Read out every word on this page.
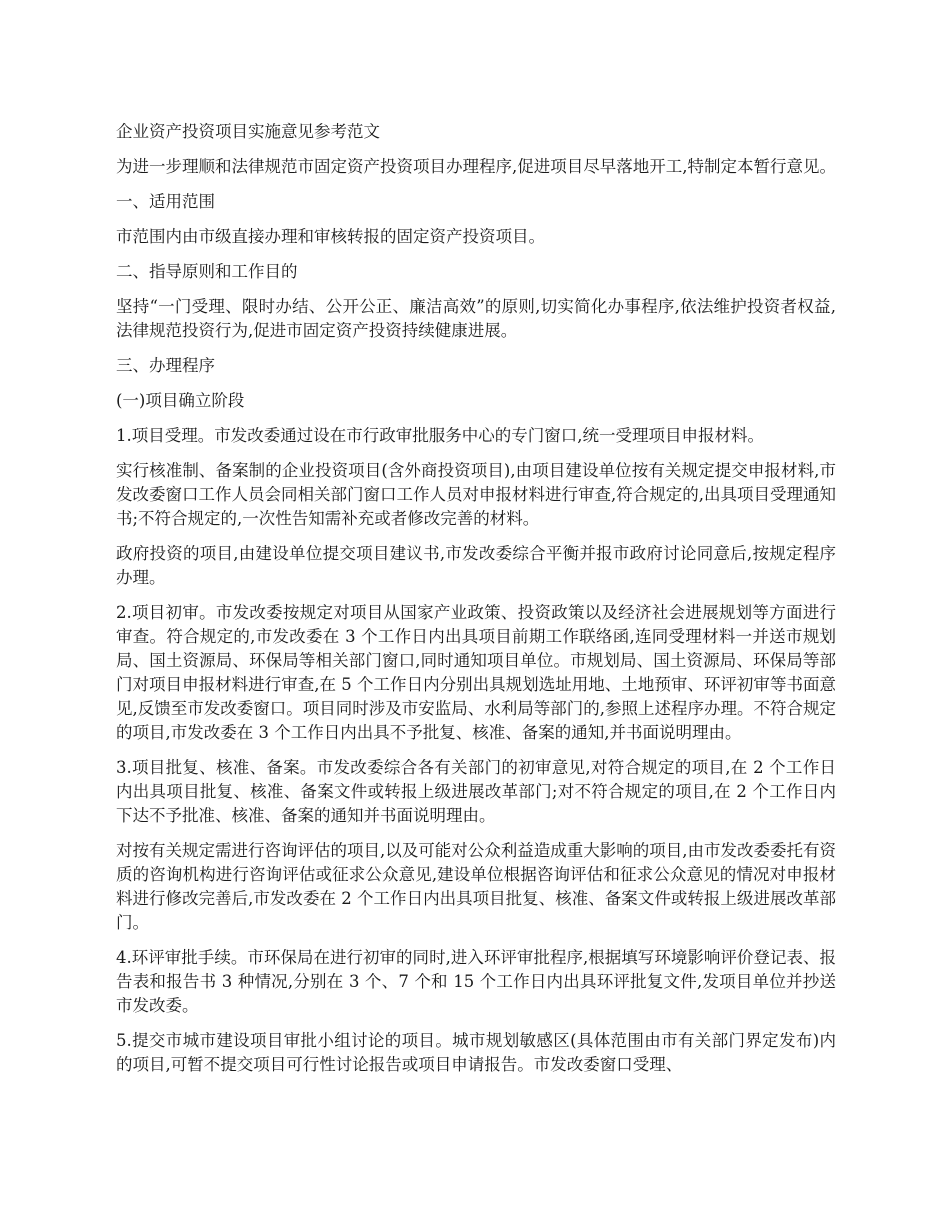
企业资产投资项目实施意见参考范文

为进一步理顺和法律规范市固定资产投资项目办理程序,促进项目尽早落地开工,特制定本暂行意见。

一、适用范围

市范围内由市级直接办理和审核转报的固定资产投资项目。

二、指导原则和工作目的

坚持“一门受理、限时办结、公开公正、廉洁高效”的原则,切实简化办事程序,依法维护投资者权益,法律规范投资行为,促进市固定资产投资持续健康进展。

三、办理程序

(一)项目确立阶段

1.项目受理。市发改委通过设在市行政审批服务中心的专门窗口,统一受理项目申报材料。

实行核准制、备案制的企业投资项目(含外商投资项目),由项目建设单位按有关规定提交申报材料,市发改委窗口工作人员会同相关部门窗口工作人员对申报材料进行审查,符合规定的,出具项目受理通知书;不符合规定的,一次性告知需补充或者修改完善的材料。

政府投资的项目,由建设单位提交项目建议书,市发改委综合平衡并报市政府讨论同意后,按规定程序办理。

2.项目初审。市发改委按规定对项目从国家产业政策、投资政策以及经济社会进展规划等方面进行审查。符合规定的,市发改委在 3 个工作日内出具项目前期工作联络函,连同受理材料一并送市规划局、国土资源局、环保局等相关部门窗口,同时通知项目单位。市规划局、国土资源局、环保局等部门对项目申报材料进行审查,在 5 个工作日内分别出具规划选址用地、土地预审、环评初审等书面意见,反馈至市发改委窗口。项目同时涉及市安监局、水利局等部门的,参照上述程序办理。不符合规定的项目,市发改委在 3 个工作日内出具不予批复、核准、备案的通知,并书面说明理由。

3.项目批复、核准、备案。市发改委综合各有关部门的初审意见,对符合规定的项目,在 2 个工作日内出具项目批复、核准、备案文件或转报上级进展改革部门;对不符合规定的项目,在 2 个工作日内下达不予批准、核准、备案的通知并书面说明理由。

对按有关规定需进行咨询评估的项目,以及可能对公众利益造成重大影响的项目,由市发改委委托有资质的咨询机构进行咨询评估或征求公众意见,建设单位根据咨询评估和征求公众意见的情况对申报材料进行修改完善后,市发改委在 2 个工作日内出具项目批复、核准、备案文件或转报上级进展改革部门。

4.环评审批手续。市环保局在进行初审的同时,进入环评审批程序,根据填写环境影响评价登记表、报告表和报告书 3 种情况,分别在 3 个、7 个和 15 个工作日内出具环评批复文件,发项目单位并抄送市发改委。

5.提交市城市建设项目审批小组讨论的项目。城市规划敏感区(具体范围由市有关部门界定发布)内的项目,可暂不提交项目可行性讨论报告或项目申请报告。市发改委窗口受理、
